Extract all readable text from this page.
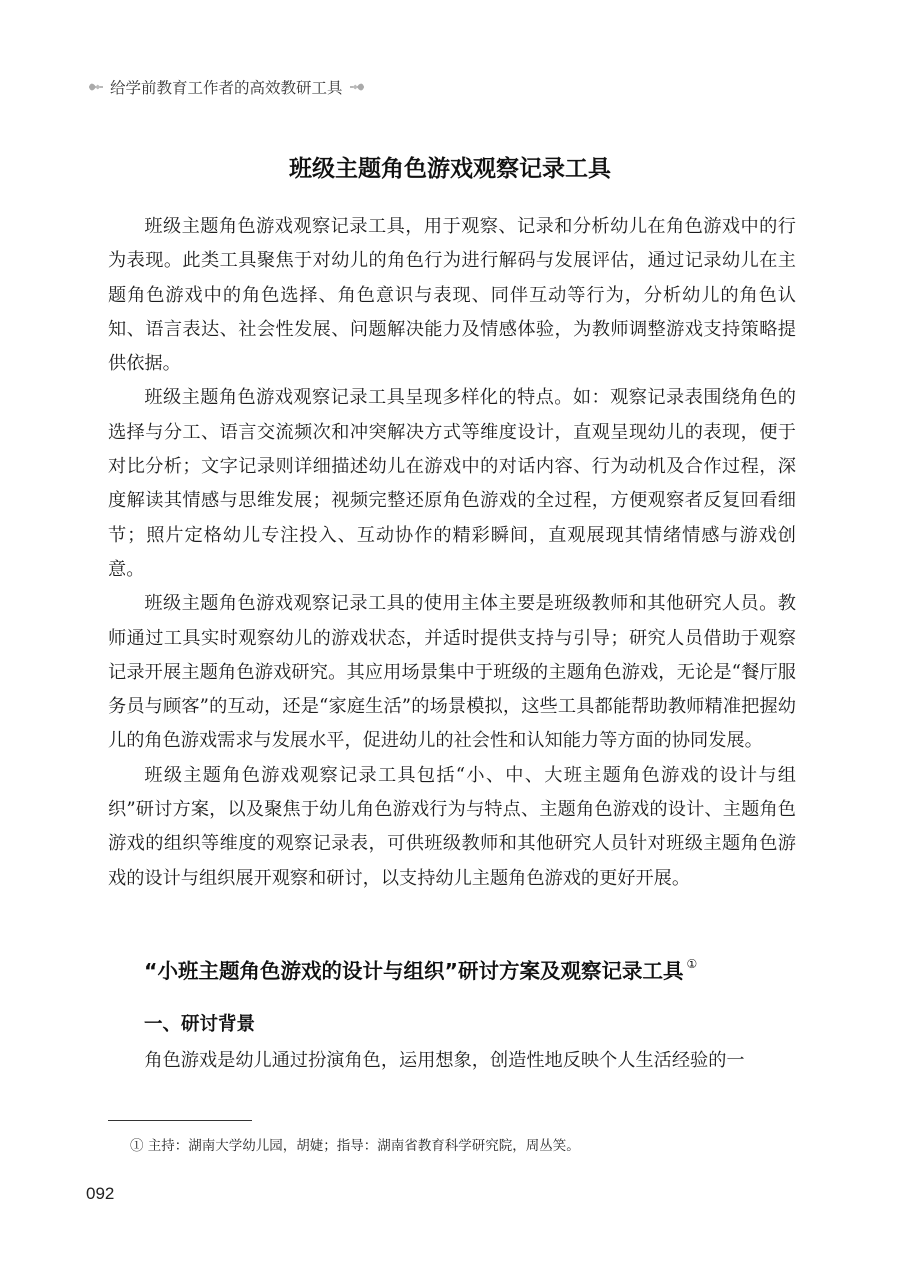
给学前教育工作者的高效教研工具
班级主题角色游戏观察记录工具

班级主题角色游戏观察记录工具，用于观察、记录和分析幼儿在角色游戏中的行为表现。此类工具聚焦于对幼儿的角色行为进行解码与发展评估，通过记录幼儿在主题角色游戏中的角色选择、角色意识与表现、同伴互动等行为，分析幼儿的角色认知、语言表达、社会性发展、问题解决能力及情感体验，为教师调整游戏支持策略提供依据。

班级主题角色游戏观察记录工具呈现多样化的特点。如：观察记录表围绕角色的选择与分工、语言交流频次和冲突解决方式等维度设计，直观呈现幼儿的表现，便于对比分析；文字记录则详细描述幼儿在游戏中的对话内容、行为动机及合作过程，深度解读其情感与思维发展；视频完整还原角色游戏的全过程，方便观察者反复回看细节；照片定格幼儿专注投入、互动协作的精彩瞬间，直观展现其情绪情感与游戏创意。

班级主题角色游戏观察记录工具的使用主体主要是班级教师和其他研究人员。教师通过工具实时观察幼儿的游戏状态，并适时提供支持与引导；研究人员借助于观察记录开展主题角色游戏研究。其应用场景集中于班级的主题角色游戏，无论是“餐厅服务员与顾客”的互动，还是“家庭生活”的场景模拟，这些工具都能帮助教师精准把握幼儿的角色游戏需求与发展水平，促进幼儿的社会性和认知能力等方面的协同发展。

班级主题角色游戏观察记录工具包括“小、中、大班主题角色游戏的设计与组织”研讨方案，以及聚焦于幼儿角色游戏行为与特点、主题角色游戏的设计、主题角色游戏的组织等维度的观察记录表，可供班级教师和其他研究人员针对班级主题角色游戏的设计与组织展开观察和研讨，以支持幼儿主题角色游戏的更好开展。

“小班主题角色游戏的设计与组织”研讨方案及观察记录工具 ①
一、研讨背景

角色游戏是幼儿通过扮演角色，运用想象，创造性地反映个人生活经验的一

① 主持：湖南大学幼儿园，胡婕；指导：湖南省教育科学研究院，周丛笑。
092
